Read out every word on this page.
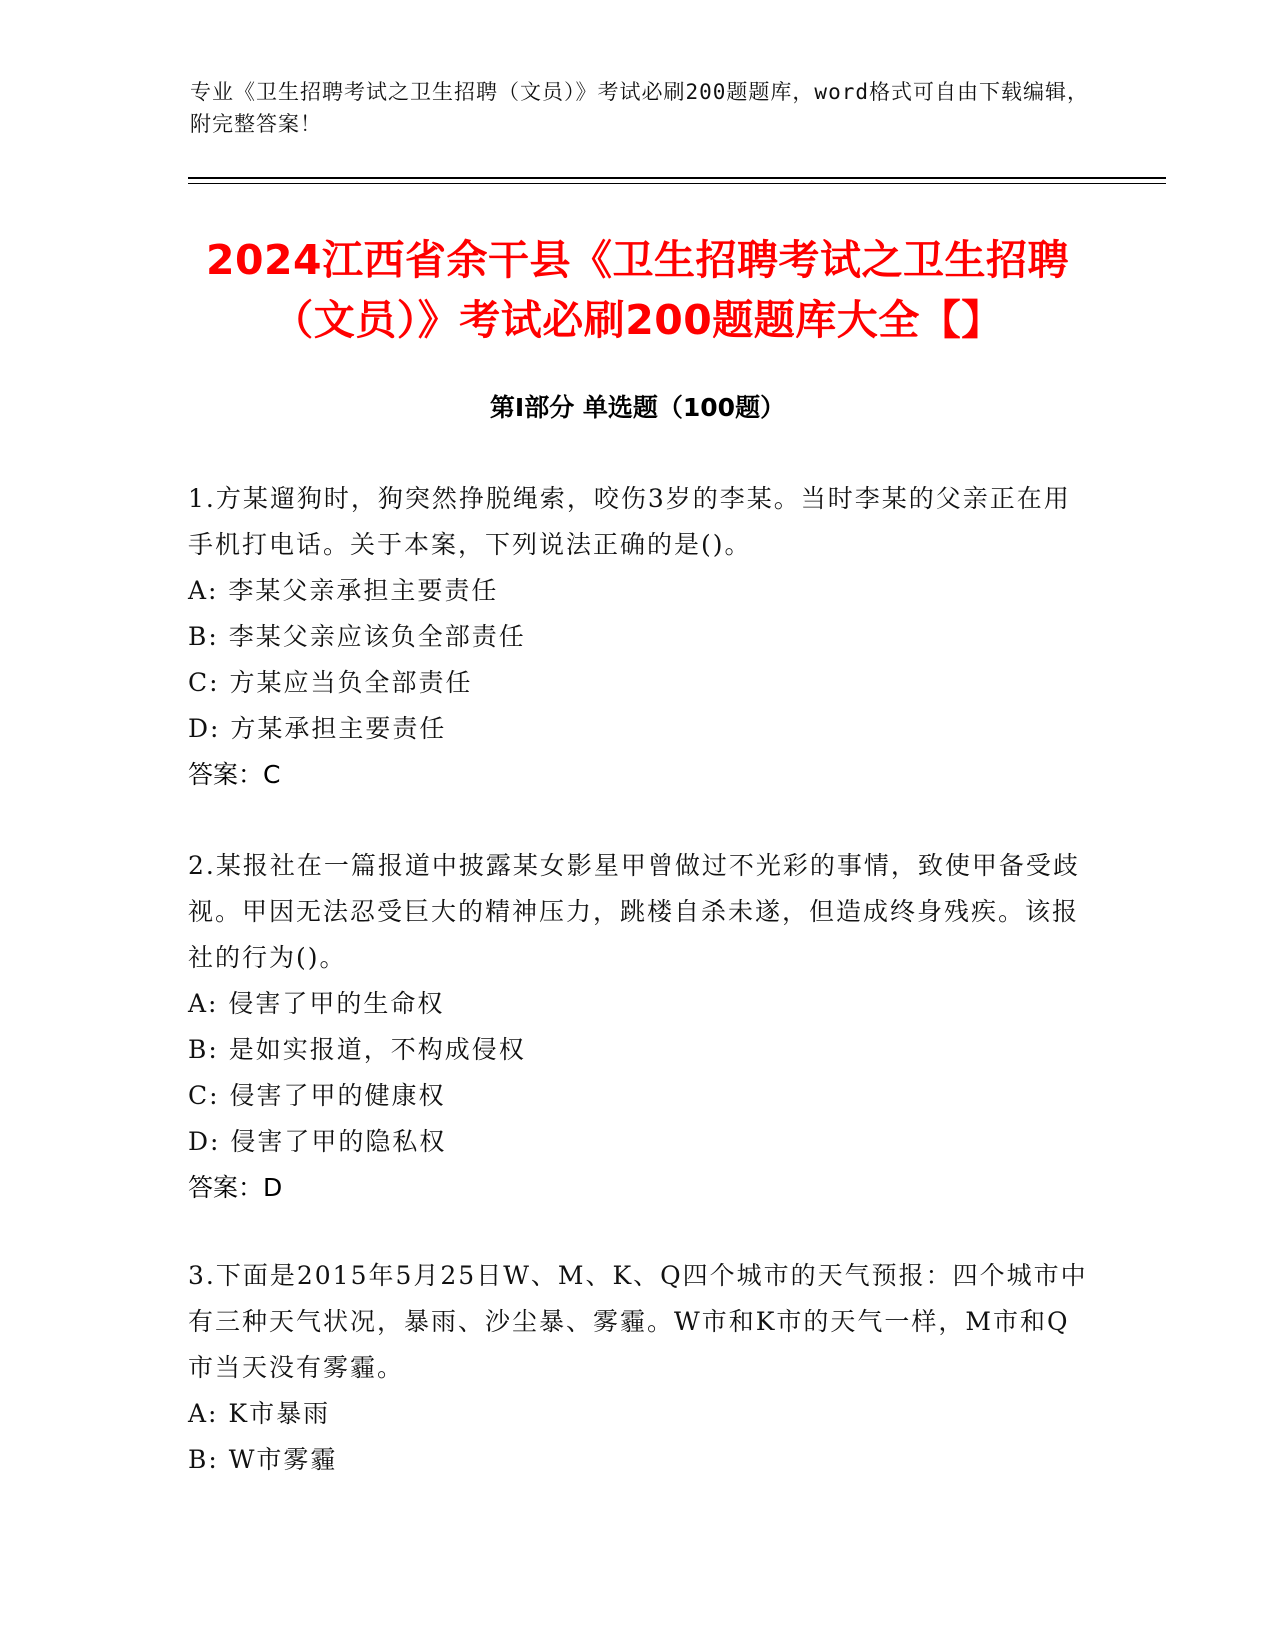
专业《卫生招聘考试之卫生招聘（文员）》考试必刷200题题库，word格式可自由下载编辑，附完整答案！
2024江西省余干县《卫生招聘考试之卫生招聘（文员）》考试必刷200题题库大全【】
第Ⅰ部分 单选题（100题）

1.方某遛狗时，狗突然挣脱绳索，咬伤3岁的李某。当时李某的父亲正在用手机打电话。关于本案，下列说法正确的是()。

A: 李某父亲承担主要责任

B: 李某父亲应该负全部责任

C: 方某应当负全部责任

D: 方某承担主要责任

答案：C

2.某报社在一篇报道中披露某女影星甲曾做过不光彩的事情，致使甲备受歧视。甲因无法忍受巨大的精神压力，跳楼自杀未遂，但造成终身残疾。该报社的行为()。

A: 侵害了甲的生命权

B: 是如实报道，不构成侵权

C: 侵害了甲的健康权

D: 侵害了甲的隐私权

答案：D

3.下面是2015年5月25日W、M、K、Q四个城市的天气预报：四个城市中有三种天气状况，暴雨、沙尘暴、雾霾。W市和K市的天气一样，M市和Q市当天没有雾霾。

A: K市暴雨

B: W市雾霾
